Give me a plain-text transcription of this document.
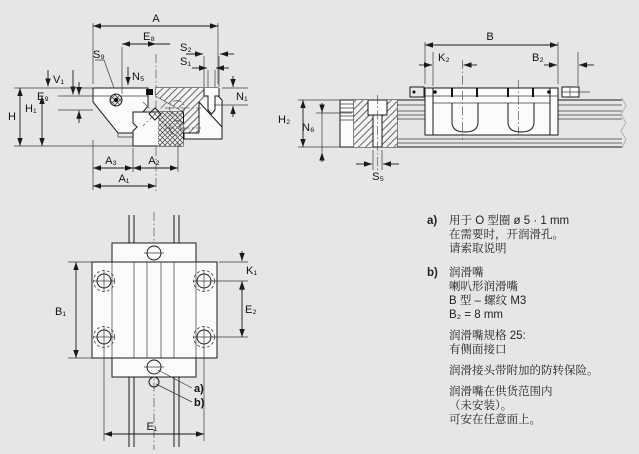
A
E₈
S₂
S₁
S₉
N₅
V₁
E₉
H
H₁
N₁
A₃	A₂
A₁
B
K₂	B₂
H₂
N₆
S₅
a)
b)
K₁
E₂
B₁
E₁
a)	用于 O 型圈 ø 5 · 1 mm
在需要时，开润滑孔。
请索取说明
b) 润滑嘴
喇叭形润滑嘴
B 型 – 螺纹 M3
B₂ = 8 mm
润滑嘴规格 25:
有侧面接口
润滑接头带附加的防转保险。
润滑嘴在供货范围内
（未安装）。
可安在任意面上。
